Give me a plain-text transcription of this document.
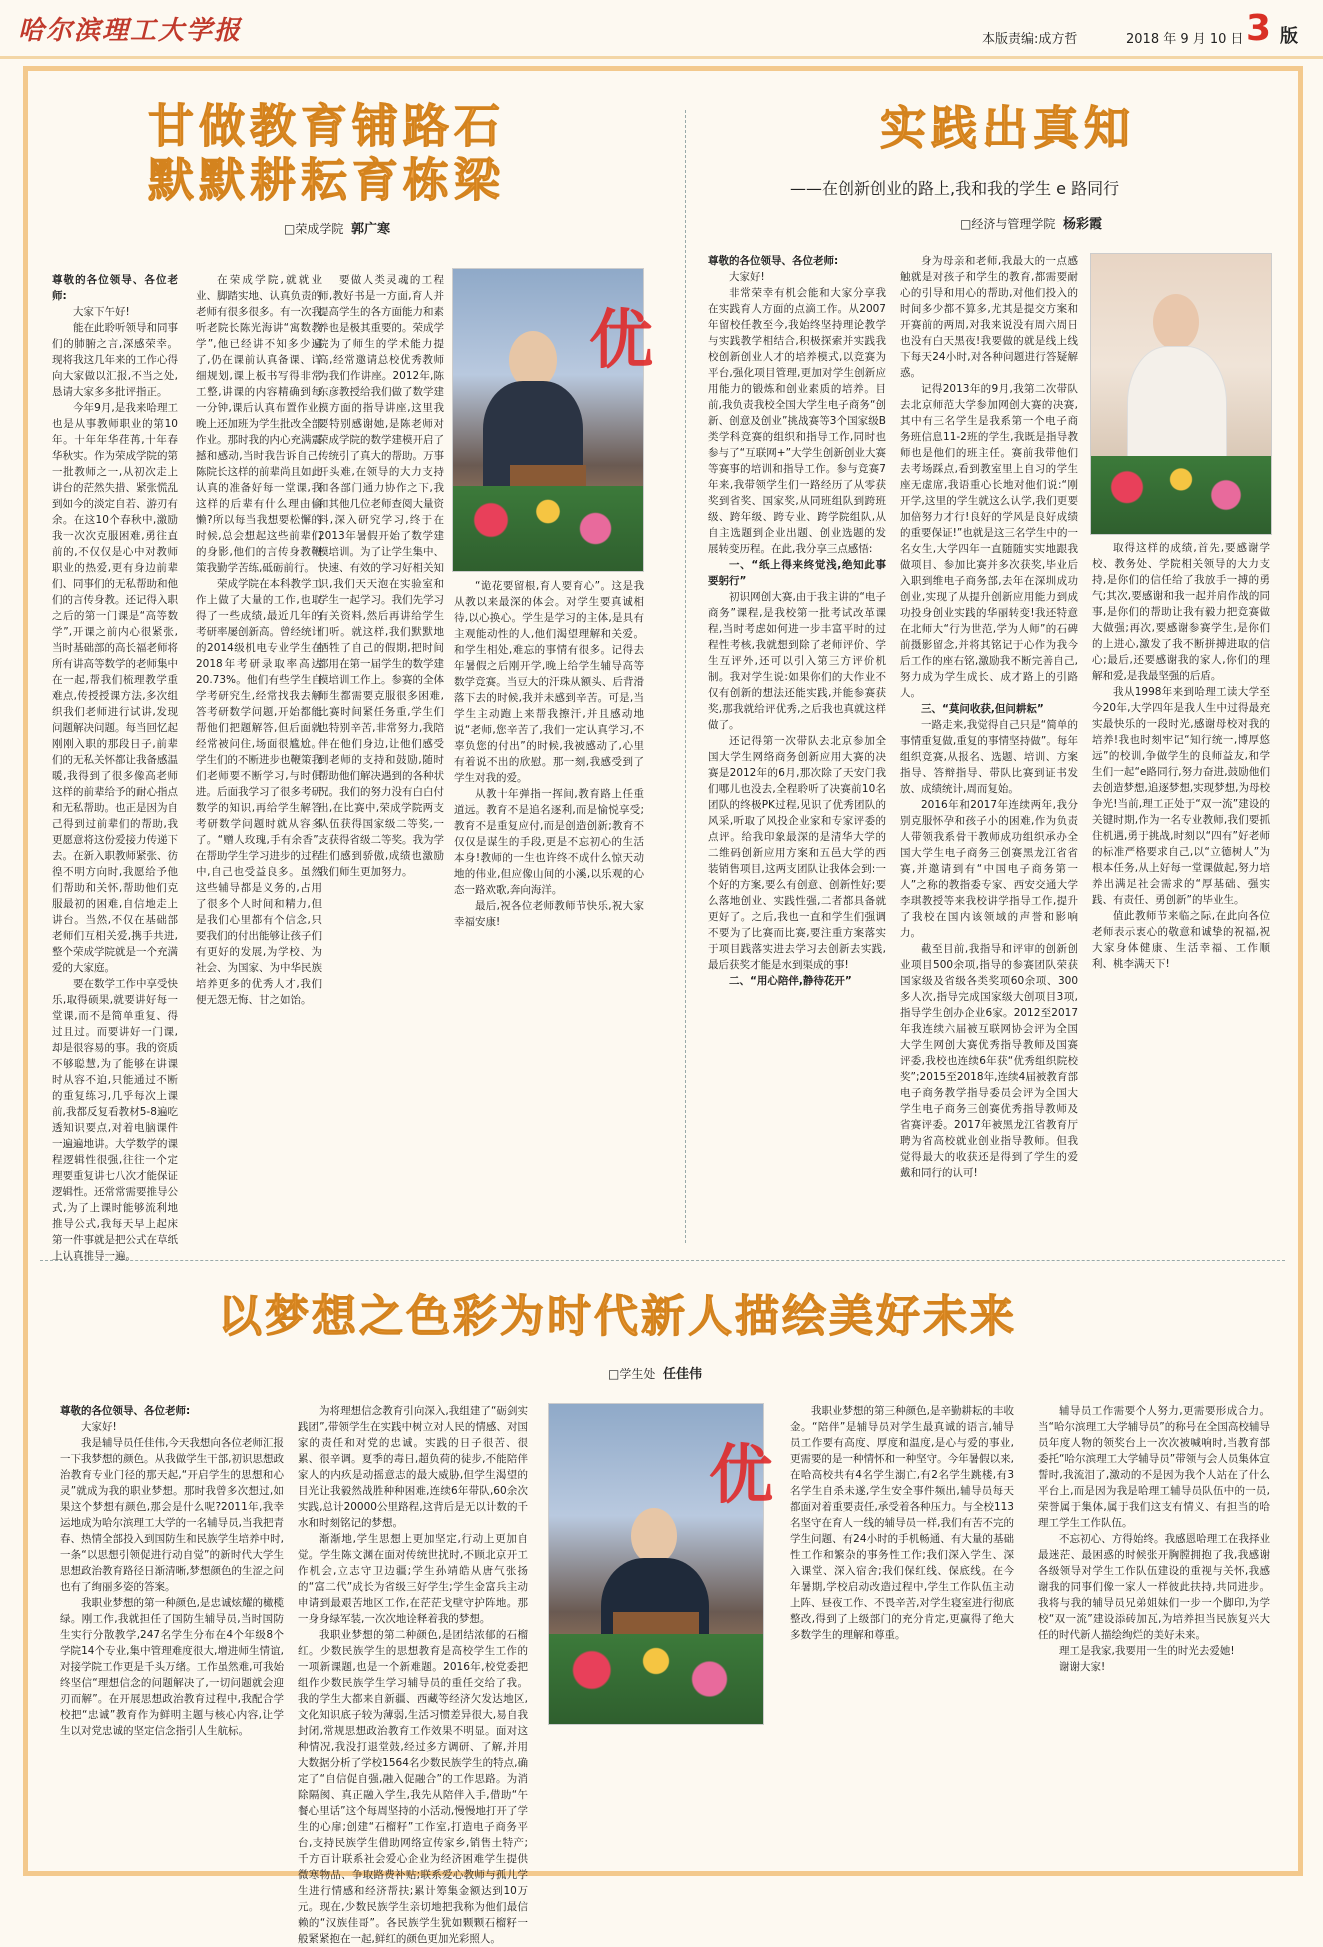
哈尔滨理工大学报	本版责编:成方哲	2018 年 9 月 10 日 3 版
甘做教育铺路石
默默耕耘育栋梁
□荣成学院 郭广寒
优

尊敬的各位领导、各位老师:

大家下午好!

能在此聆听领导和同事们的肺腑之言,深感荣幸。现将我这几年来的工作心得向大家做以汇报,不当之处,恳请大家多多批评指正。

今年9月,是我来哈理工也是从事教师职业的第10年。十年年华荏苒,十年春华秋实。作为荣成学院的第一批教师之一,从初次走上讲台的茫然失措、紧张慌乱到如今的淡定自若、游刃有余。在这10个春秋中,激励我一次次克服困难,勇往直前的,不仅仅是心中对教师职业的热爱,更有身边前辈们、同事们的无私帮助和他们的言传身教。还记得入职之后的第一门课是“高等数学”,开课之前内心很紧张,当时基础部的高长福老师将所有讲高等数学的老师集中在一起,帮我们梳理教学重难点,传授授课方法,多次组织我们老师进行试讲,发现问题解决问题。每当回忆起刚刚入职的那段日子,前辈们的无私关怀都让我备感温暖,我得到了很多像高老师这样的前辈给予的耐心指点和无私帮助。也正是因为自己得到过前辈们的帮助,我更愿意将这份爱接力传递下去。在新入职教师紧张、彷徨不明方向时,我愿给予他们帮助和关怀,帮助他们克服最初的困难,自信地走上讲台。当然,不仅在基础部老师们互相关爱,携手共进,整个荣成学院就是一个充满爱的大家庭。

要在数学工作中享受快乐,取得硕果,就要讲好每一堂课,而不是简单重复、得过且过。而要讲好一门课,却是很容易的事。我的资质不够聪慧,为了能够在讲课时从容不迫,只能通过不断的重复练习,几乎每次上课前,我都反复看教材5-8遍吃透知识要点,对着电脑课件一遍遍地讲。大学数学的课程逻辑性很强,往往一个定理要重复讲七八次才能保证逻辑性。还常常需要推导公式,为了上课时能够流利地推导公式,我每天早上起床第一件事就是把公式在草纸上认真推导一遍。

在荣成学院,就就业业、脚踏实地、认真负责的老师有很多很多。有一次我听老院长陈光海讲“寓数教学”,他已经讲不知多少遍了,仍在课前认真备课、详细规划,课上板书写得非常工整,讲课的内容精确到每一分钟,课后认真布置作业,晚上还加班为学生批改全部作业。那时我的内心充满震撼和感动,当时我告诉自己:陈院长这样的前辈尚且如此认真的准备好每一堂课,我这样的后辈有什么理由偷懒?所以每当我想要松懈的时候,总会想起这些前辈们的身影,他们的言传身教鞭策我勤学苦练,砥砺前行。

荣成学院在本科教学工作上做了大量的工作,也取得了一些成绩,最近几年的考研率屡创新高。曾经统计的2014级机电专业学生在2018年考研录取率高达20.73%。他们有些学生自学考研究生,经常找我去解答考研数学问题,开始都能帮他们把题解答,但后面就经常被问住,场面很尴尬。学生们的不断进步也鞭策我们老师要不断学习,与时俱进。后面我学习了很多考研数学的知识,再给学生解答考研数学问题时就从容多了。“赠人玫瑰,手有余香”,在帮助学生学习进步的过程中,自己也受益良多。虽然这些辅导都是义务的,占用了很多个人时间和精力,但是我们心里都有个信念,只要我们的付出能够让孩子们有更好的发展,为学校、为社会、为国家、为中华民族培养更多的优秀人才,我们便无怨无悔、甘之如饴。

要做人类灵魂的工程师,教好书是一方面,育人并提高学生的各方面能力和素养也是极其重要的。荣成学院为了师生的学术能力提高,经常邀请总校优秀教师为我们作讲座。2012年,陈东彦教授给我们做了数学建模方面的指导讲座,这里我要特别感谢她,是陈老师对荣成学院的数学建模开启了传统引了真大的帮助。万事开头难,在领导的大力支持和各部门通力协作之下,我和其他几位老师查阅大量资料,深入研究学习,终于在2013年暑假开始了数学建模培训。为了让学生集中、快速、有效的学习好相关知识,我们天天泡在实验室和学生一起学习。我们先学习有关资料,然后再讲给学生们听。就这样,我们默默地牺牲了自己的假期,把时间都用在第一届学生的数学建模培训工作上。参赛的全体师生都需要克服很多困难,比赛时间紧任务重,学生们也特别辛苦,非常努力,我陪伴在他们身边,让他们感受到老师的支持和鼓励,随时帮助他们解决遇到的各种状况。我们的努力没有白白付出,在比赛中,荣成学院两支队伍获得国家级二等奖,一支获得省级二等奖。我为学生们感到骄傲,成绩也激励我们师生更加努力。

“诡花要留根,育人要育心”。这是我从教以来最深的体会。对学生要真诚相待,以心换心。学生是学习的主体,是具有主观能动性的人,他们渴望理解和关爱。和学生相处,难忘的事情有很多。记得去年暑假之后刚开学,晚上给学生辅导高等数学竞赛。当豆大的汗珠从额头、后背滑落下去的时候,我并未感到辛苦。可是,当学生主动跑上来帮我擦汗,并且感动地说“老师,您辛苦了,我们一定认真学习,不辜负您的付出”的时候,我被感动了,心里有着说不出的欣慰。那一刻,我感受到了学生对我的爱。

从教十年弹指一挥间,教育路上任重道远。教育不是追名逐利,而是愉悦享受;教育不是重复应付,而是创造创新;教育不仅仅是谋生的手段,更是不忘初心的生活本身!教师的一生也许终不成什么惊天动地的伟业,但应像山间的小溪,以乐观的心态一路欢歌,奔向海洋。

最后,祝各位老师教师节快乐,祝大家幸福安康!

实践出真知
——在创新创业的路上,我和我的学生 e 路同行
□经济与管理学院 杨彩霞

尊敬的各位领导、各位老师:

大家好!

非常荣幸有机会能和大家分享我在实践育人方面的点滴工作。从2007年留校任教至今,我始终坚持理论教学与实践教学相结合,积极探索并实践我校创新创业人才的培养模式,以竞赛为平台,强化项目管理,更加对学生创新应用能力的锻炼和创业素质的培养。目前,我负责我校全国大学生电子商务“创新、创意及创业”挑战赛等3个国家级B类学科竞赛的组织和指导工作,同时也参与了“互联网+”大学生创新创业大赛等赛事的培训和指导工作。参与竞赛7年来,我带领学生们一路经历了从零获奖到省奖、国家奖,从同班组队到跨班级、跨年级、跨专业、跨学院组队,从自主选题到企业出题、创业选题的发展转变历程。在此,我分享三点感悟:

一、“纸上得来终觉浅,绝知此事要躬行”

初识网创大赛,由于我主讲的“电子商务”课程,是我校第一批考试改革课程,当时考虑如何进一步丰富平时的过程性考核,我就想到除了老师评价、学生互评外,还可以引入第三方评价机制。我对学生说:如果你们的大作业不仅有创新的想法还能实践,并能参赛获奖,那我就给评优秀,之后我也真就这样做了。

还记得第一次带队去北京参加全国大学生网络商务创新应用大赛的决赛是2012年的6月,那次除了天安门我们哪儿也没去,全程聆听了决赛前10名团队的终极PK过程,见识了优秀团队的风采,听取了风投企业家和专家评委的点评。给我印象最深的是清华大学的二维码创新应用方案和五邑大学的西装销售项目,这两支团队让我体会到:一个好的方案,要么有创意、创新性好;要么落地创业、实践性强,二者都具备就更好了。之后,我也一直和学生们强调不要为了比赛而比赛,要注重方案落实于项目践落实进去学习去创新去实践,最后获奖才能是水到渠成的事!

二、“用心陪伴,静待花开”

身为母亲和老师,我最大的一点感触就是对孩子和学生的教育,都需要耐心的引导和用心的帮助,对他们投入的时间多少都不算多,尤其是提交方案和开赛前的两周,对我来说没有周六周日也没有白天黑夜!我要做的就是线上线下每天24小时,对各种问题进行答疑解惑。

记得2013年的9月,我第二次带队去北京师范大学参加网创大赛的决赛,其中有三名学生是我系第一个电子商务班信息11-2班的学生,我既是指导教师也是他们的班主任。赛前我带他们去考场踩点,看到教室里上自习的学生座无虚席,我语重心长地对他们说:“刚开学,这里的学生就这么认学,我们更要加倍努力才行!良好的学风是良好成绩的重要保证!”也就是这三名学生中的一名女生,大学四年一直随随实实地跟我做项目、参加比赛并多次获奖,毕业后入职到维电子商务部,去年在深圳成功创业,实现了从提升创新应用能力到成功投身创业实践的华丽转变!我还特意在北师大“行为世范,学为人师”的石碑前摄影留念,并将其铭记于心作为我今后工作的座右铭,激励我不断完善自己,努力成为学生成长、成才路上的引路人。

三、“莫问收获,但问耕耘”

一路走来,我觉得自己只是“简单的事情重复做,重复的事情坚持做”。每年组织竞赛,从报名、选题、培训、方案指导、答辩指导、带队比赛到证书发放、成绩统计,周而复始。

2016年和2017年连续两年,我分别克服怀孕和孩子小的困难,作为负责人带领我系骨干教师成功组织承办全国大学生电子商务三创赛黑龙江省省赛,并邀请到有“中国电子商务第一人”之称的教指委专家、西安交通大学李琪教授等来我校讲学指导工作,提升了我校在国内该领域的声誉和影响力。

截至目前,我指导和评审的创新创业项目500余项,指导的参赛团队荣获国家级及省级各类奖项60余项、300多人次,指导完成国家级大创项目3项,指导学生创办企业6家。2012至2017年我连续六届被互联网协会评为全国大学生网创大赛优秀指导教师及国赛评委,我校也连续6年获“优秀组织院校奖”;2015至2018年,连续4届被教育部电子商务教学指导委员会评为全国大学生电子商务三创赛优秀指导教师及省赛评委。2017年被黑龙江省教育厅聘为省高校就业创业指导教师。但我觉得最大的收获还是得到了学生的爱戴和同行的认可!

取得这样的成绩,首先,要感谢学校、教务处、学院相关领导的大力支持,是你们的信任给了我放手一搏的勇气;其次,要感谢和我一起并肩作战的同事,是你们的帮助让我有毅力把竞赛做大做强;再次,要感谢参赛学生,是你们的上进心,激发了我不断拼搏进取的信心;最后,还要感谢我的家人,你们的理解和爱,是我最坚强的后盾。

我从1998年来到哈理工读大学至今20年,大学四年是我人生中过得最充实最快乐的一段时光,感谢母校对我的培养!我也时刻牢记“知行统一,博厚悠远”的校训,争做学生的良师益友,和学生们一起“e路同行,努力奋进,鼓励他们去创造梦想,追逐梦想,实现梦想,为母校争光!当前,理工正处于“双一流”建设的关键时期,作为一名专业教师,我们要抓住机遇,勇于挑战,时刻以“四有”好老师的标准严格要求自己,以“立德树人”为根本任务,从上好每一堂课做起,努力培养出满足社会需求的“厚基础、强实践、有责任、勇创新”的毕业生。

值此教师节来临之际,在此向各位老师表示衷心的敬意和诚挚的祝福,祝大家身体健康、生活幸福、工作顺利、桃李满天下!

以梦想之色彩为时代新人描绘美好未来
□学生处 任佳伟
优

尊敬的各位领导、各位老师:

大家好!

我是辅导员任佳伟,今天我想向各位老师汇报一下我梦想的颜色。从我做学生干部,初识思想政治教育专业门径的那天起,“开启学生的思想和心灵”就成为我的职业梦想。那时我曾多次想过,如果这个梦想有颜色,那会是什么呢?2011年,我幸运地成为哈尔滨理工大学的一名辅导员,当我把青春、热情全部投入到国防生和民族学生培养中时,一条“以思想引领促进行动自觉”的新时代大学生思想政治教育路径日渐清晰,梦想颜色的生涩之问也有了绚丽多姿的答案。

我职业梦想的第一种颜色,是忠诚炫耀的橄榄绿。刚工作,我就担任了国防生辅导员,当时国防生实行分散教学,247名学生分布在4个年级8个学院14个专业,集中管理难度很大,增进师生情谊,对接学院工作更是千头万绪。工作虽然难,可我始终坚信“理想信念的问题解决了,一切问题就会迎刃而解”。在开展思想政治教育过程中,我配合学校把“忠诚”教育作为鲜明主题与核心内容,让学生以对党忠诚的坚定信念指引人生航标。

为将理想信念教育引向深入,我组建了“砺剑实践团”,带领学生在实践中树立对人民的情感、对国家的责任和对党的忠诚。实践的日子很苦、很累、很辛调。夏季的毒日,超负荷的徒步,不能陪伴家人的内疚是动摇意志的最大威胁,但学生渴望的目光让我毅然战胜种种困难,连续6年带队,60余次实践,总计20000公里路程,这背后是无以计数的千水和时刻铭记的梦想。

渐渐地,学生思想上更加坚定,行动上更加自觉。学生陈文渊在面对传统世扰时,不顾北京开工作机会,立志守卫边疆;学生孙靖皓从唐气张扬的“富二代”成长为省级三好学生;学生金富兵主动申请到最艰苦地区工作,在茫茫戈壁守护阵地。那一身身绿军装,一次次地诠释着我的梦想。

我职业梦想的第二种颜色,是团结浓郁的石榴红。少数民族学生的思想教育是高校学生工作的一项新课题,也是一个新难题。2016年,校党委把组作少数民族学生学习辅导员的重任交给了我。我的学生大都来自新疆、西藏等经济欠发达地区,文化知识底子较为薄弱,生活习惯差异很大,易自我封闭,常规思想政治教育工作效果不明显。面对这种情况,我没打退堂鼓,经过多方调研、了解,并用大数据分析了学校1564名少数民族学生的特点,确定了“自信促自强,融入促融合”的工作思路。为消除隔阂、真正融入学生,我先从陪伴入手,借助“午餐心里话”这个每周坚持的小活动,慢慢地打开了学生的心扉;创建“石榴籽”工作室,打造电子商务平台,支持民族学生借助网络宣传家乡,销售土特产;千方百计联系社会爱心企业为经济困难学生提供微寒物品、争取路费补贴;联系爱心教师与孤儿学生进行情感和经济帮扶;累计筹集金额达到10万元。现在,少数民族学生亲切地把我称为他们最信赖的“汉族佳哥”。各民族学生犹如颗颗石榴籽一般紧紧抱在一起,鲜红的颜色更加光彩照人。

我职业梦想的第三种颜色,是辛勤耕耘的丰收金。“陪伴”是辅导员对学生最真诚的语言,辅导员工作要有高度、厚度和温度,是心与爱的事业,更需要的是一种情怀和一种坚守。今年暑假以来,在哈高校共有4名学生溺亡,有2名学生跳楼,有3名学生自杀未遂,学生安全事件频出,辅导员每天都面对着重要责任,承受着各种压力。与全校113名坚守在育人一线的辅导员一样,我们有苦不完的学生问题、有24小时的手机畅通、有大量的基础性工作和繁杂的事务性工作;我们深入学生、深入课堂、深入宿舍;我们保红线、保底线。在今年暑期,学校启动改造过程中,学生工作队伍主动上阵、昼夜工作、不畏辛苦,对学生寝室进行彻底整改,得到了上级部门的充分肯定,更赢得了绝大多数学生的理解和尊重。

辅导员工作需要个人努力,更需要形成合力。当“哈尔滨理工大学辅导员”的称号在全国高校辅导员年度人物的领奖台上一次次被喊响时,当教育部委托“哈尔滨理工大学辅导员”带领与会人员集体宣誓时,我流泪了,激动的不是因为我个人站在了什么平台上,而是因为我是哈理工辅导员队伍中的一员,荣誉属于集体,属于我们这支有情义、有担当的哈理工学生工作队伍。

不忘初心、方得始终。我感恩哈理工在我择业最迷茫、最困惑的时候张开胸膛拥抱了我,我感谢各级领导对学生工作队伍建设的重视与关怀,我感谢我的同事们像一家人一样彼此扶持,共同进步。我将与我的辅导员兄弟姐妹们一步一个脚印,为学校“双一流”建设添砖加瓦,为培养担当民族复兴大任的时代新人描绘绚烂的美好未来。

理工是我家,我要用一生的时光去爱她!

谢谢大家!
